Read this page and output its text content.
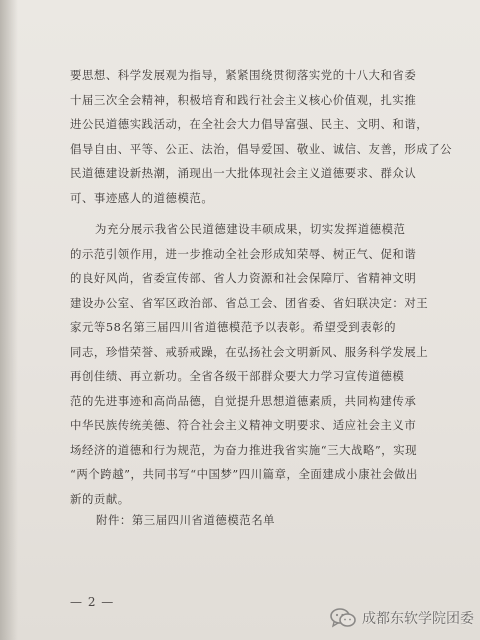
要思想、科学发展观为指导，紧紧围绕贯彻落实党的十八大和省委
十届三次全会精神，积极培育和践行社会主义核心价值观，扎实推
进公民道德实践活动，在全社会大力倡导富强、民主、文明、和谐，
倡导自由、平等、公正、法治，倡导爱国、敬业、诚信、友善，形成了公
民道德建设新热潮，涌现出一大批体现社会主义道德要求、群众认
可、事迹感人的道德模范。
为充分展示我省公民道德建设丰硕成果，切实发挥道德模范
的示范引领作用，进一步推动全社会形成知荣辱、树正气、促和谐
的良好风尚，省委宣传部、省人力资源和社会保障厅、省精神文明
建设办公室、省军区政治部、省总工会、团省委、省妇联决定：对王
家元等58名第三届四川省道德模范予以表彰。希望受到表彰的
同志，珍惜荣誉、戒骄戒躁，在弘扬社会文明新风、服务科学发展上
再创佳绩、再立新功。全省各级干部群众要大力学习宣传道德模
范的先进事迹和高尚品德，自觉提升思想道德素质，共同构建传承
中华民族传统美德、符合社会主义精神文明要求、适应社会主义市
场经济的道德和行为规范，为奋力推进我省实施“三大战略”，实现
“两个跨越”，共同书写“中国梦”四川篇章，全面建成小康社会做出
新的贡献。
附件：第三届四川省道德模范名单
— 2 —
成都东软学院团委
